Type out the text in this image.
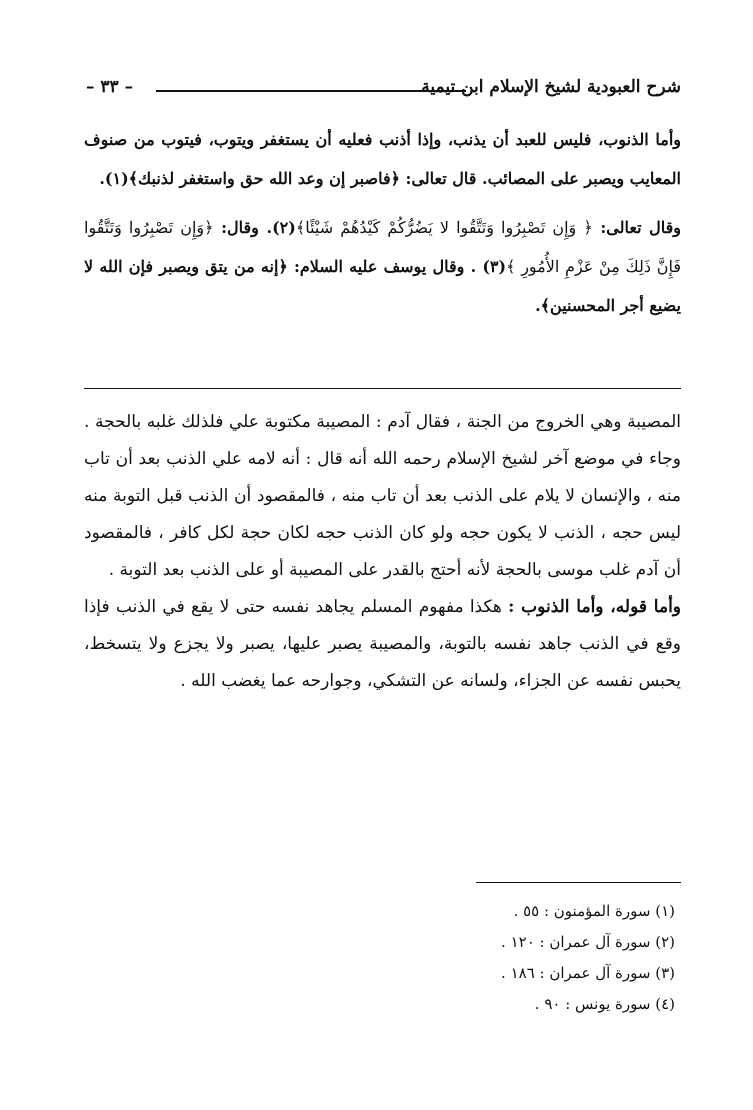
شرح العبودية لشيخ الإسلام ابن تيمية
– ٣٣ –

وأما الذنوب، فليس للعبد أن يذنب، وإذا أذنب فعليه أن يستغفر ويتوب، فيتوب من صنوف المعايب ويصبر على المصائب. قال تعالى: ﴿فاصبر إن وعد الله حق واستغفر لذنبك﴾(١).

وقال تعالى: ﴿ وَإِن تَصْبِرُوا وَتَتَّقُوا لا يَضُرُّكُمْ كَيْدُهُمْ شَيْئًا﴾(٢). وقال: ﴿وَإِن تَصْبِرُوا وَتَتَّقُوا فَإِنَّ ذَلِكَ مِنْ عَزْمِ الأُمُورِ ﴾(٣) . وقال يوسف عليه السلام: ﴿إنه من يتق ويصبر فإن الله لا يضيع أجر المحسنين﴾.

المصيبة وهي الخروج من الجنة ، فقال آدم : المصيبة مكتوبة علي فلذلك غلبه بالحجة . وجاء في موضع آخر لشيخ الإسلام رحمه الله أنه قال : أنه لامه علي الذنب بعد أن تاب منه ، والإنسان لا يلام على الذنب بعد أن تاب منه ، فالمقصود أن الذنب قبل التوبة منه ليس حجه ، الذنب لا يكون حجه ولو كان الذنب حجه لكان حجة لكل كافر ، فالمقصود أن آدم غلب موسى بالحجة لأنه أحتج بالقدر على المصيبة أو على الذنب بعد التوبة .

وأما قوله، وأما الذنوب : هكذا مفهوم المسلم يجاهد نفسه حتى لا يقع في الذنب فإذا وقع في الذنب جاهد نفسه بالتوبة، والمصيبة يصبر عليها، يصبر ولا يجزع ولا يتسخط، يحبس نفسه عن الجزاء، ولسانه عن التشكي، وجوارحه عما يغضب الله .

(١) سورة المؤمنون : ٥٥ .
(٢) سورة آل عمران : ١٢٠ .
(٣) سورة آل عمران : ١٨٦ .
(٤) سورة يونس : ٩٠ .
